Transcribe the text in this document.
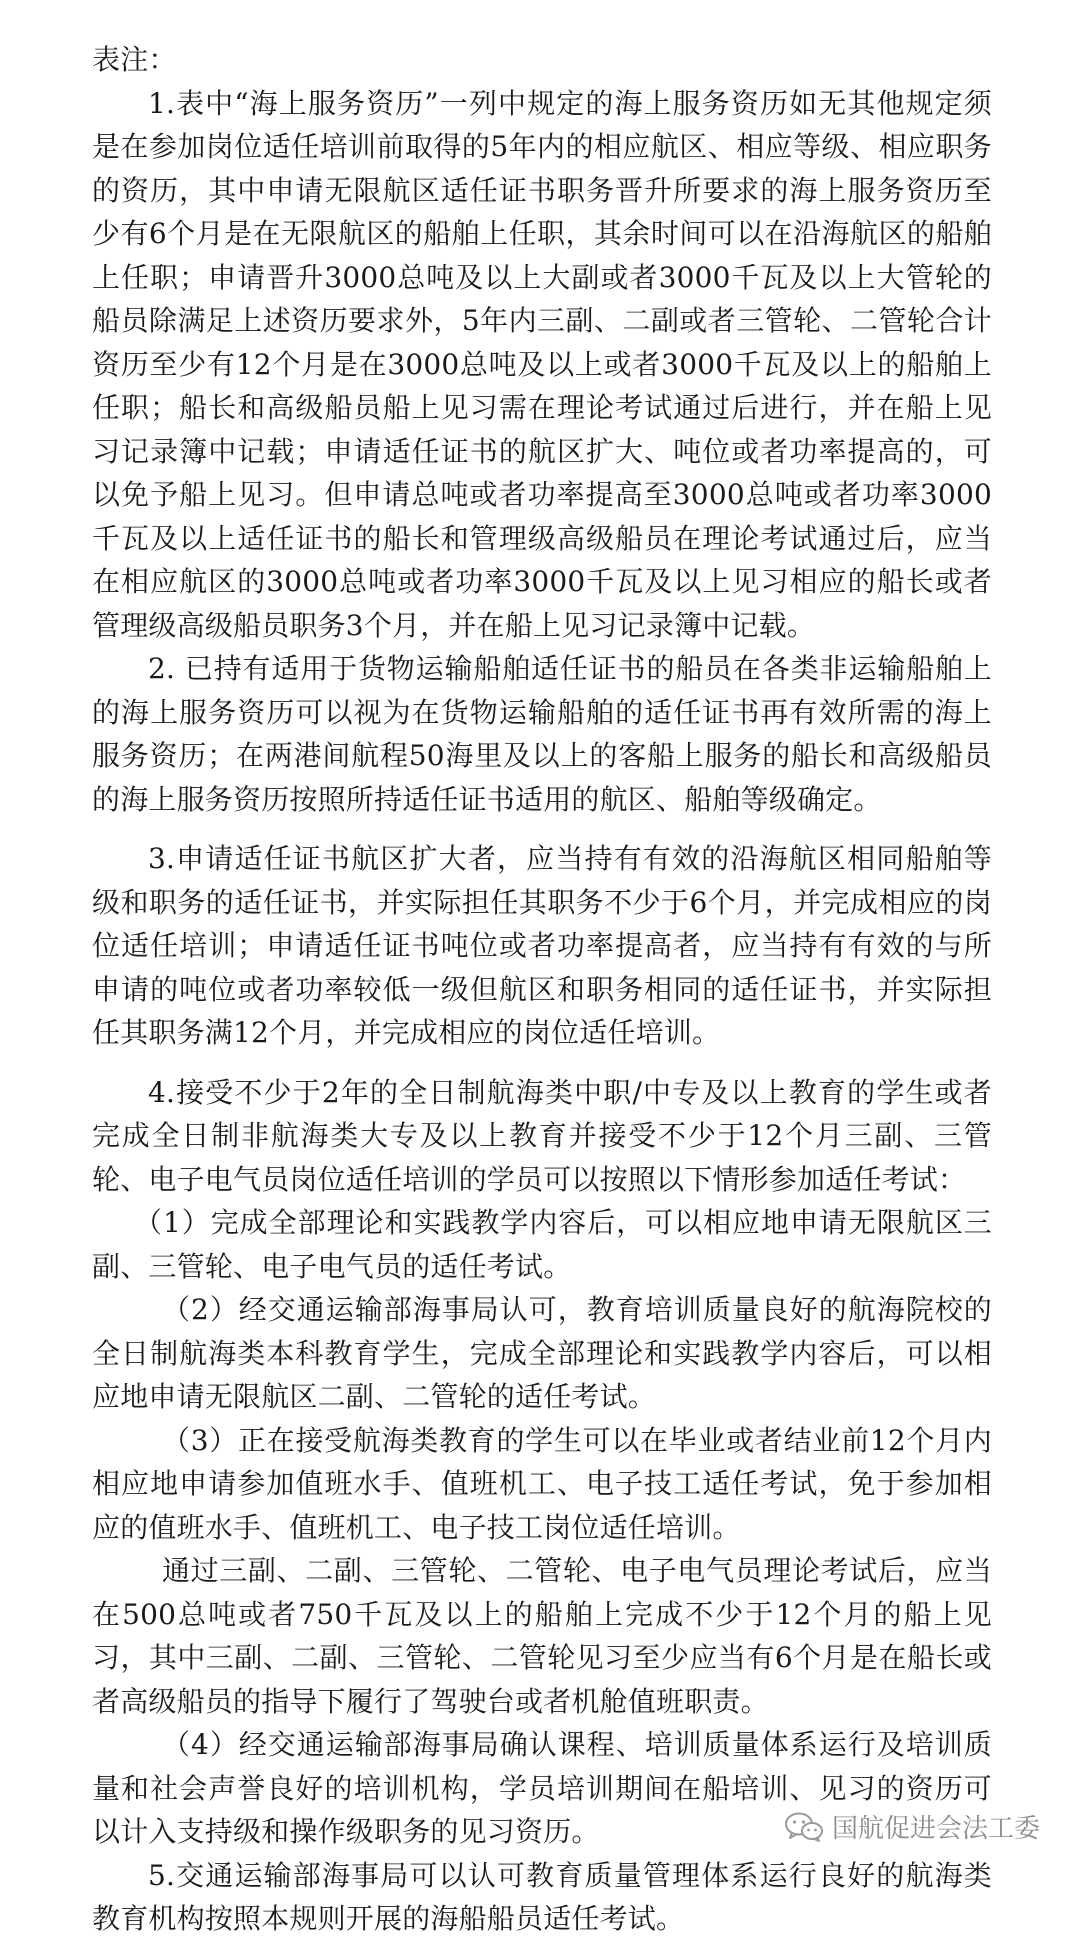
表注：

1.表中“海上服务资历”一列中规定的海上服务资历如无其他规定须是在参加岗位适任培训前取得的5年内的相应航区、相应等级、相应职务的资历，其中申请无限航区适任证书职务晋升所要求的海上服务资历至少有6个月是在无限航区的船舶上任职，其余时间可以在沿海航区的船舶上任职；申请晋升3000总吨及以上大副或者3000千瓦及以上大管轮的船员除满足上述资历要求外，5年内三副、二副或者三管轮、二管轮合计资历至少有12个月是在3000总吨及以上或者3000千瓦及以上的船舶上任职；船长和高级船员船上见习需在理论考试通过后进行，并在船上见习记录簿中记载；申请适任证书的航区扩大、吨位或者功率提高的，可以免予船上见习。但申请总吨或者功率提高至3000总吨或者功率3000千瓦及以上适任证书的船长和管理级高级船员在理论考试通过后，应当在相应航区的3000总吨或者功率3000千瓦及以上见习相应的船长或者管理级高级船员职务3个月，并在船上见习记录簿中记载。

2. 已持有适用于货物运输船舶适任证书的船员在各类非运输船舶上的海上服务资历可以视为在货物运输船舶的适任证书再有效所需的海上服务资历；在两港间航程50海里及以上的客船上服务的船长和高级船员的海上服务资历按照所持适任证书适用的航区、船舶等级确定。

3.申请适任证书航区扩大者，应当持有有效的沿海航区相同船舶等级和职务的适任证书，并实际担任其职务不少于6个月，并完成相应的岗位适任培训；申请适任证书吨位或者功率提高者，应当持有有效的与所申请的吨位或者功率较低一级但航区和职务相同的适任证书，并实际担任其职务满12个月，并完成相应的岗位适任培训。

4.接受不少于2年的全日制航海类中职/中专及以上教育的学生或者完成全日制非航海类大专及以上教育并接受不少于12个月三副、三管轮、电子电气员岗位适任培训的学员可以按照以下情形参加适任考试：

（1）完成全部理论和实践教学内容后，可以相应地申请无限航区三副、三管轮、电子电气员的适任考试。

（2）经交通运输部海事局认可，教育培训质量良好的航海院校的全日制航海类本科教育学生，完成全部理论和实践教学内容后，可以相应地申请无限航区二副、二管轮的适任考试。

（3）正在接受航海类教育的学生可以在毕业或者结业前12个月内相应地申请参加值班水手、值班机工、电子技工适任考试，免于参加相应的值班水手、值班机工、电子技工岗位适任培训。

通过三副、二副、三管轮、二管轮、电子电气员理论考试后，应当在500总吨或者750千瓦及以上的船舶上完成不少于12个月的船上见习，其中三副、二副、三管轮、二管轮见习至少应当有6个月是在船长或者高级船员的指导下履行了驾驶台或者机舱值班职责。

（4）经交通运输部海事局确认课程、培训质量体系运行及培训质量和社会声誉良好的培训机构，学员培训期间在船培训、见习的资历可以计入支持级和操作级职务的见习资历。

5.交通运输部海事局可以认可教育质量管理体系运行良好的航海类教育机构按照本规则开展的海船船员适任考试。

国航促进会法工委
